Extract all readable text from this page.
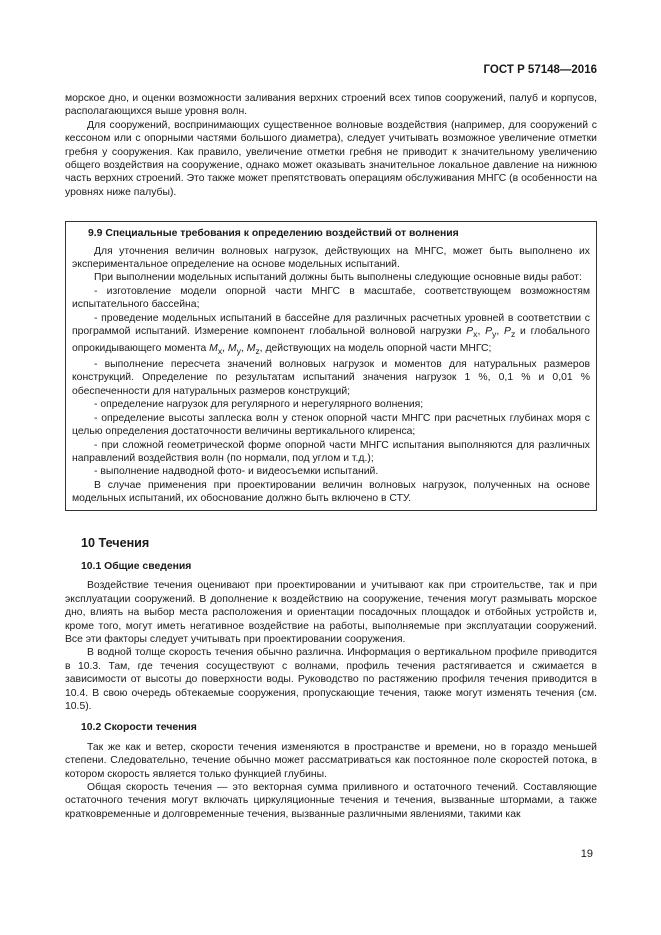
ГОСТ Р 57148—2016

морское дно, и оценки возможности заливания верхних строений всех типов сооружений, палуб и корпусов, располагающихся выше уровня волн.

Для сооружений, воспринимающих существенное волновые воздействия (например, для сооружений с кессоном или с опорными частями большого диаметра), следует учитывать возможное увеличение отметки гребня у сооружения. Как правило, увеличение отметки гребня не приводит к значительному увеличению общего воздействия на сооружение, однако может оказывать значительное локальное давление на нижнюю часть верхних строений. Это также может препятствовать операциям обслуживания МНГС (в особенности на уровнях ниже палубы).

9.9 Специальные требования к определению воздействий от волнения

Для уточнения величин волновых нагрузок, действующих на МНГС, может быть выполнено их экспериментальное определение на основе модельных испытаний.

При выполнении модельных испытаний должны быть выполнены следующие основные виды работ:

- изготовление модели опорной части МНГС в масштабе, соответствующем возможностям испытательного бассейна;

- проведение модельных испытаний в бассейне для различных расчетных уровней в соответствии с программой испытаний. Измерение компонент глобальной волновой нагрузки $P_x$, $P_y$, $P_z$ и глобального опрокидывающего момента $M_x$, $M_y$, $M_z$, действующих на модель опорной части МНГС;

- выполнение пересчета значений волновых нагрузок и моментов для натуральных размеров конструкций. Определение по результатам испытаний значения нагрузок 1 %, 0,1 % и 0,01 % обеспеченности для натуральных размеров конструкций;

- определение нагрузок для регулярного и нерегулярного волнения;

- определение высоты заплеска волн у стенок опорной части МНГС при расчетных глубинах моря с целью определения достаточности величины вертикального клиренса;

- при сложной геометрической форме опорной части МНГС испытания выполняются для различных направлений воздействия волн (по нормали, под углом и т.д.);

- выполнение надводной фото- и видеосъемки испытаний.

В случае применения при проектировании величин волновых нагрузок, полученных на основе модельных испытаний, их обоснование должно быть включено в СТУ.

10 Течения
10.1 Общие сведения

Воздействие течения оценивают при проектировании и учитывают как при строительстве, так и при эксплуатации сооружений. В дополнение к воздействию на сооружение, течения могут размывать морское дно, влиять на выбор места расположения и ориентации посадочных площадок и отбойных устройств и, кроме того, могут иметь негативное воздействие на работы, выполняемые при эксплуатации сооружений. Все эти факторы следует учитывать при проектировании сооружения.

В водной толще скорость течения обычно различна. Информация о вертикальном профиле приводится в 10.3. Там, где течения сосуществуют с волнами, профиль течения растягивается и сжимается в зависимости от высоты до поверхности воды. Руководство по растяжению профиля течения приводится в 10.4. В свою очередь обтекаемые сооружения, пропускающие течения, также могут изменять течения (см. 10.5).

10.2 Скорости течения

Так же как и ветер, скорости течения изменяются в пространстве и времени, но в гораздо меньшей степени. Следовательно, течение обычно может рассматриваться как постоянное поле скоростей потока, в котором скорость является только функцией глубины.

Общая скорость течения — это векторная сумма приливного и остаточного течений. Составляющие остаточного течения могут включать циркуляционные течения и течения, вызванные штормами, а также кратковременные и долговременные течения, вызванные различными явлениями, такими как

19
